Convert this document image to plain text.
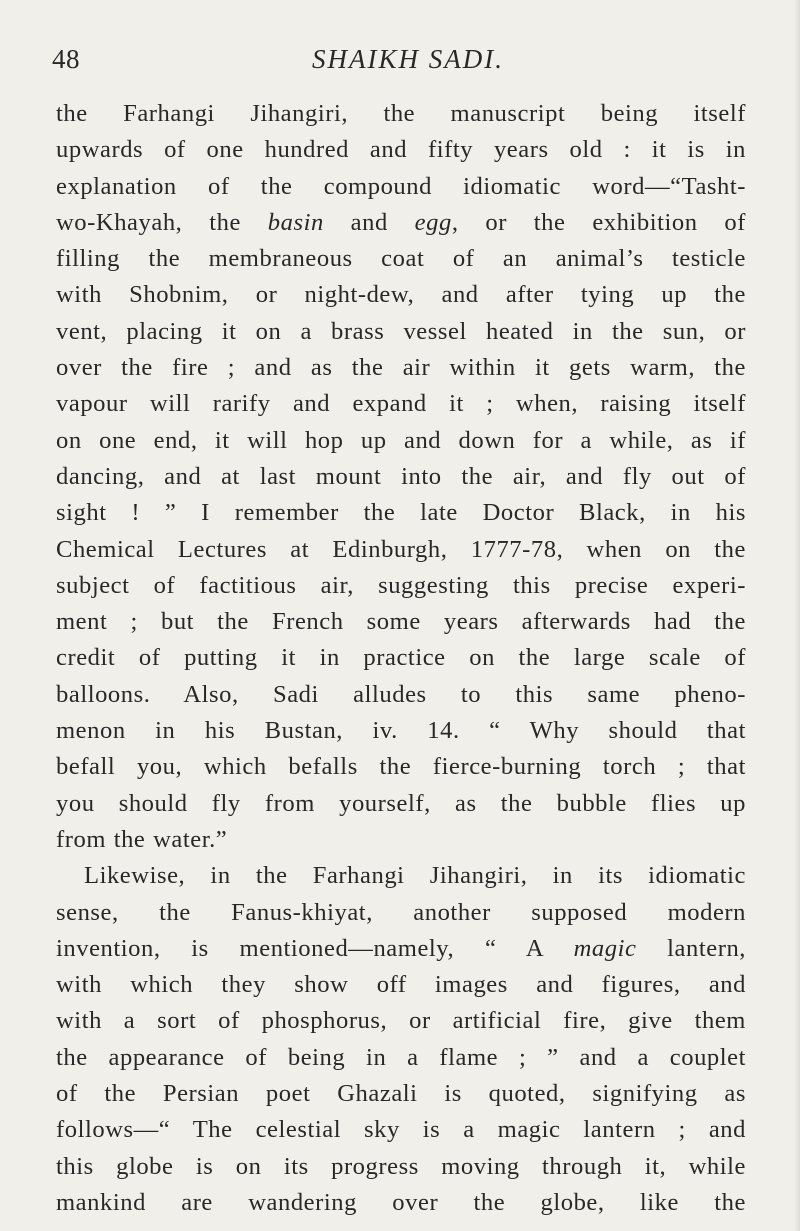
48	SHAIKH SADI.
the Farhangi Jihangiri, the manuscript being itself
upwards of one hundred and fifty years old : it is in
explanation of the compound idiomatic word—“Tasht-
wo-Khayah, the basin and egg, or the exhibition of
filling the membraneous coat of an animal’s testicle
with Shobnim, or night-dew, and after tying up the
vent, placing it on a brass vessel heated in the sun, or
over the fire ; and as the air within it gets warm, the
vapour will rarify and expand it ; when, raising itself
on one end, it will hop up and down for a while, as if
dancing, and at last mount into the air, and fly out of
sight ! ” I remember the late Doctor Black, in his
Chemical Lectures at Edinburgh, 1777-78, when on the
subject of factitious air, suggesting this precise experi-
ment ; but the French some years afterwards had the
credit of putting it in practice on the large scale of
balloons. Also, Sadi alludes to this same pheno-
menon in his Bustan, iv. 14. “ Why should that
befall you, which befalls the fierce-burning torch ; that
you should fly from yourself, as the bubble flies up
from the water.”
Likewise, in the Farhangi Jihangiri, in its idiomatic
sense, the Fanus-khiyat, another supposed modern
invention, is mentioned—namely, “ A magic lantern,
with which they show off images and figures, and
with a sort of phosphorus, or artificial fire, give them
the appearance of being in a flame ; ” and a couplet
of the Persian poet Ghazali is quoted, signifying as
follows—“ The celestial sky is a magic lantern ; and
this globe is on its progress moving through it, while
mankind are wandering over the globe, like the
